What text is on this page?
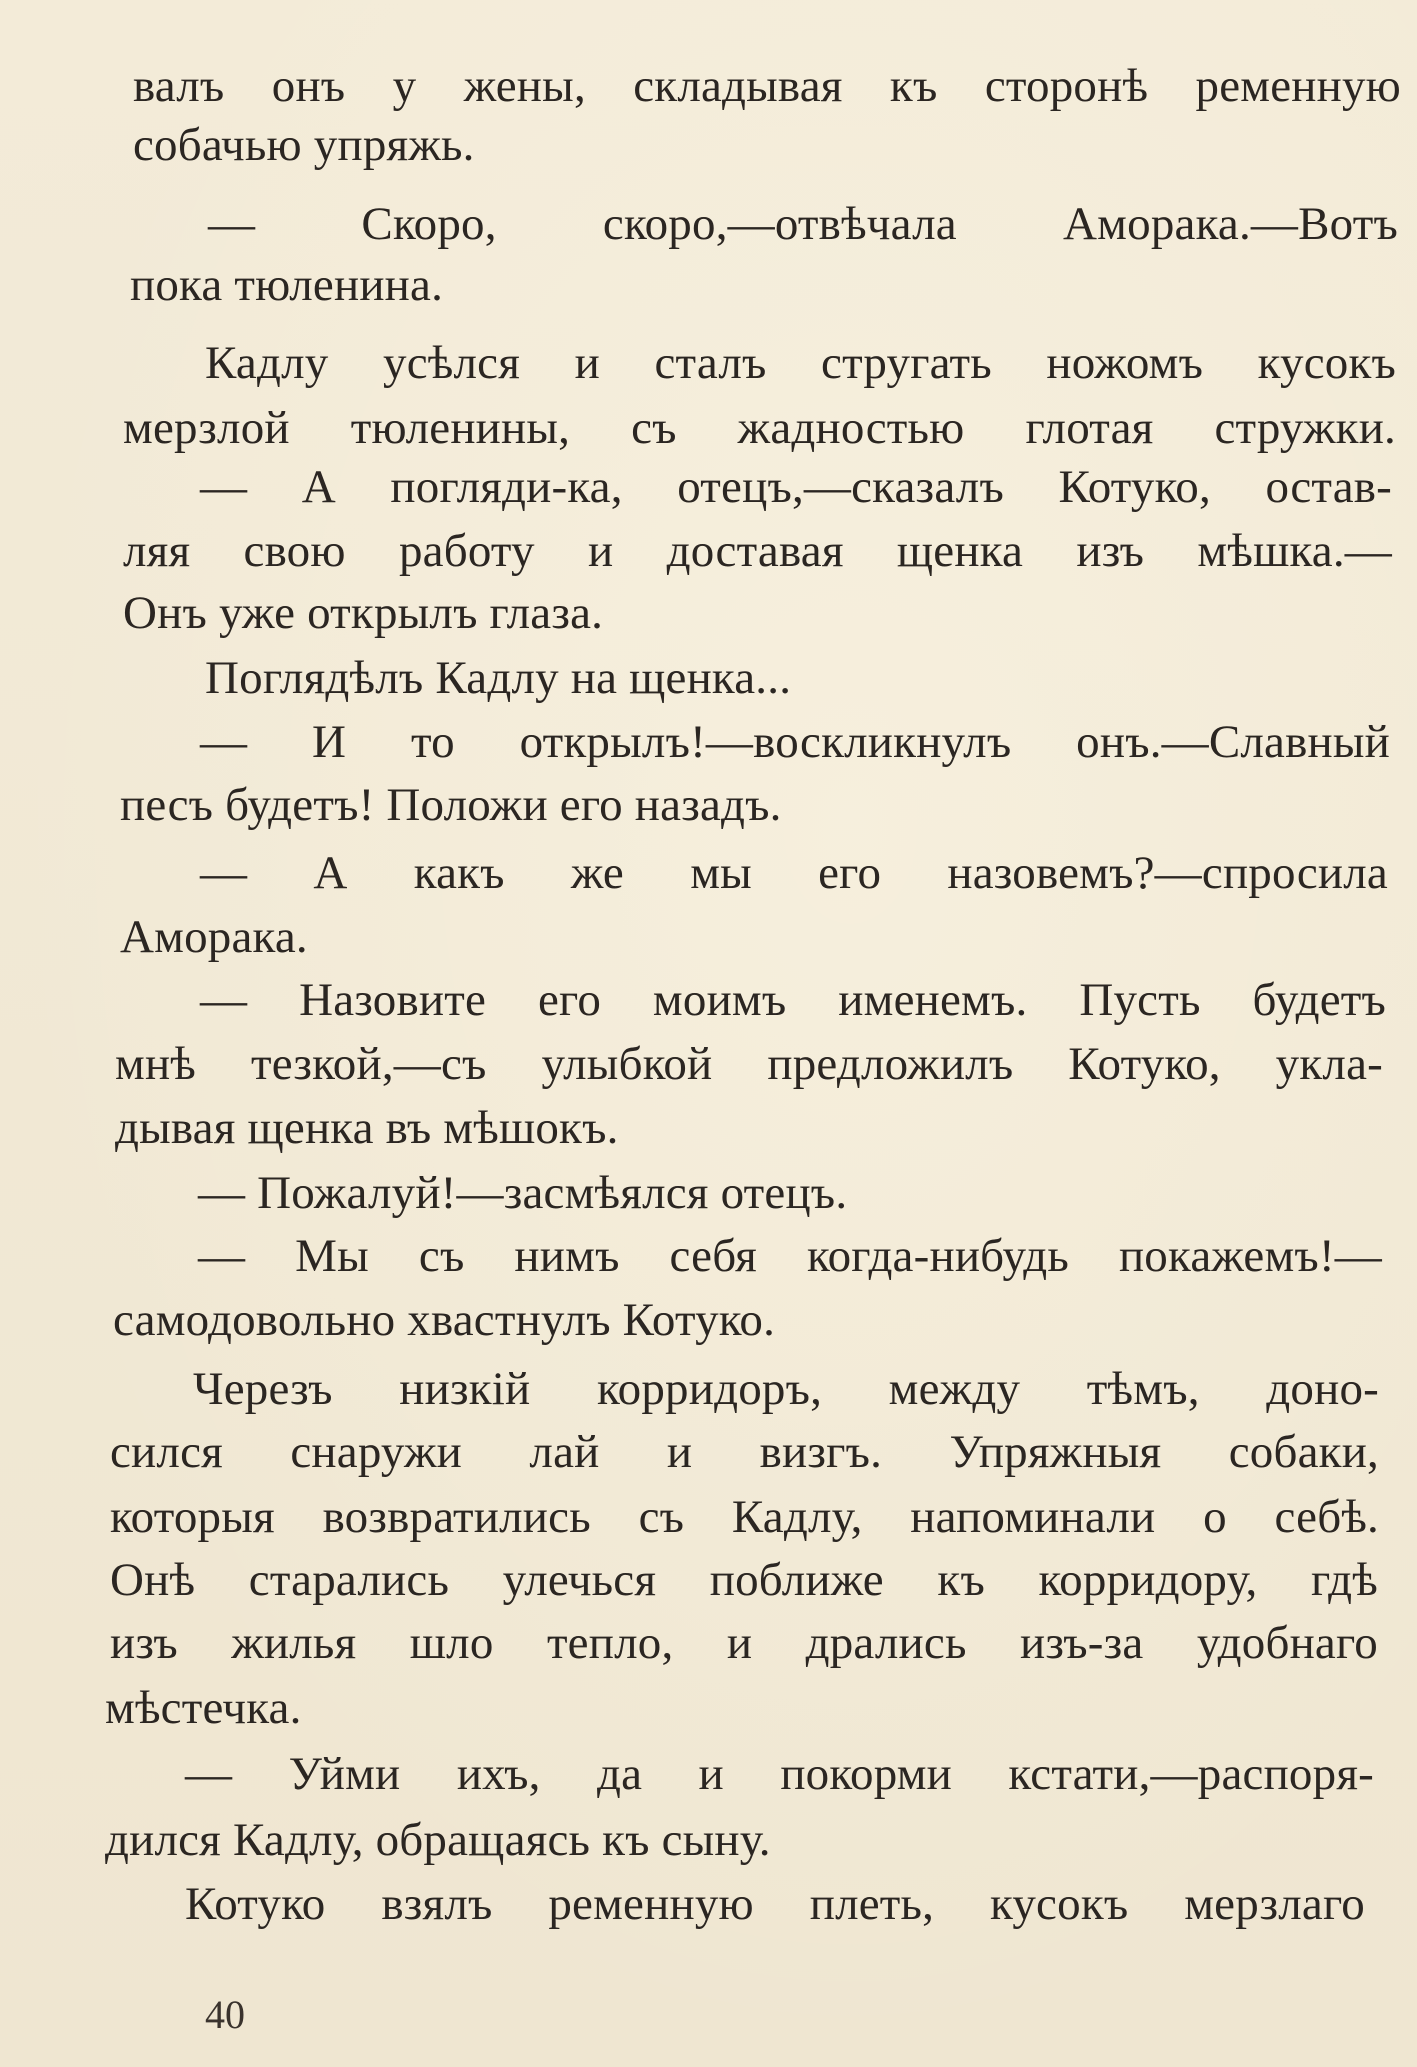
валъ онъ у жены, складывая къ сторонѣ ременную
собачью упряжь.
— Скоро, скоро,—отвѣчала Аморака.—Вотъ
пока тюленина.
Кадлу усѣлся и сталъ стругать ножомъ кусокъ
мерзлой тюленины, съ жадностью глотая стружки.
— А погляди-ка, отецъ,—сказалъ Котуко, остав-
ляя свою работу и доставая щенка изъ мѣшка.—
Онъ уже открылъ глаза.
Поглядѣлъ Кадлу на щенка...
— И то открылъ!—воскликнулъ онъ.—Славный
песъ будетъ! Положи его назадъ.
— А какъ же мы его назовемъ?—спросила
Аморака.
— Назовите его моимъ именемъ. Пусть будетъ
мнѣ тезкой,—съ улыбкой предложилъ Котуко, укла-
дывая щенка въ мѣшокъ.
— Пожалуй!—засмѣялся отецъ.
— Мы съ нимъ себя когда-нибудь покажемъ!—
самодовольно хвастнулъ Котуко.
Черезъ низкій корридоръ, между тѣмъ, доно-
сился снаружи лай и визгъ. Упряжныя собаки,
которыя возвратились съ Кадлу, напоминали о себѣ.
Онѣ старались улечься поближе къ корридору, гдѣ
изъ жилья шло тепло, и дрались изъ-за удобнаго
мѣстечка.
— Уйми ихъ, да и покорми кстати,—распоря-
дился Кадлу, обращаясь къ сыну.
Котуко взялъ ременную плеть, кусокъ мерзлаго
40
